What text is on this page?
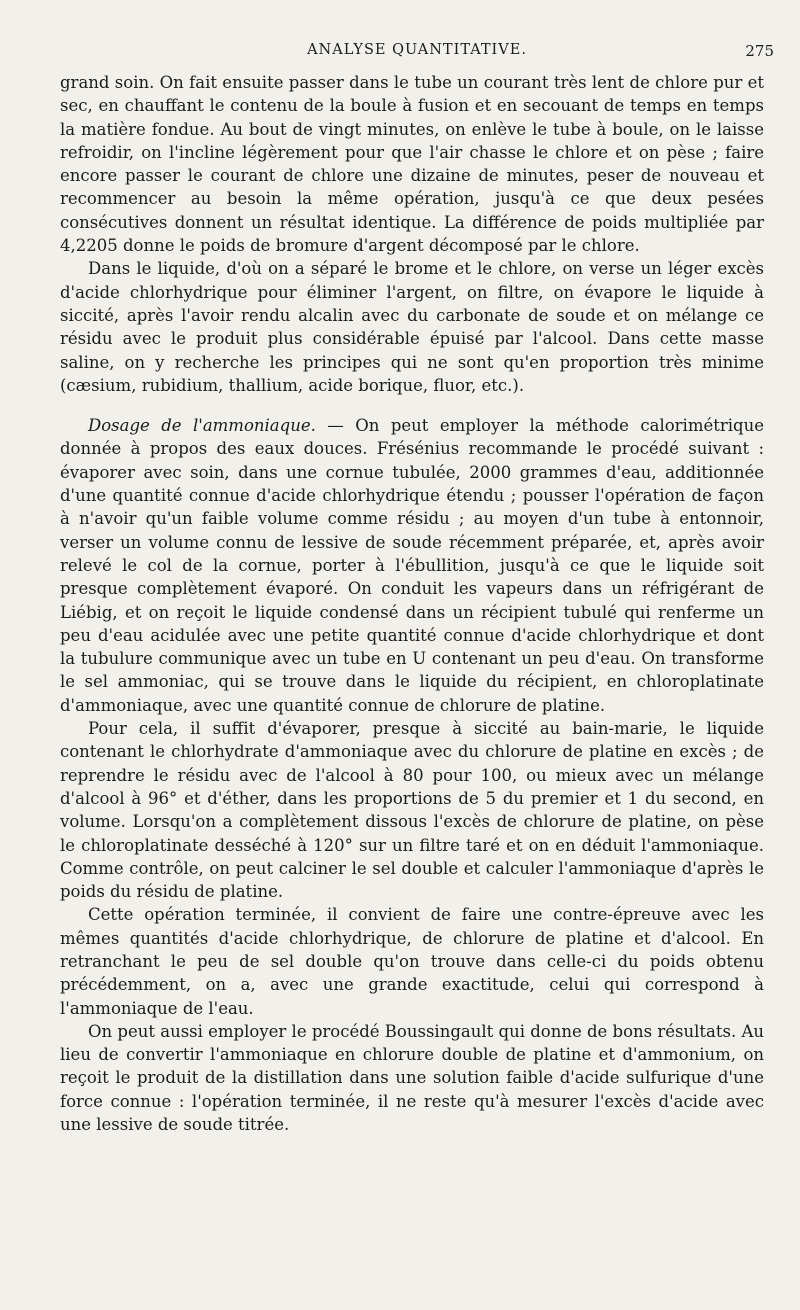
ANALYSE QUANTITATIVE.	275

grand soin. On fait ensuite passer dans le tube un courant très lent de chlore pur et sec, en chauffant le contenu de la boule à fusion et en secouant de temps en temps la matière fondue. Au bout de vingt minutes, on enlève le tube à boule, on le laisse refroidir, on l'incline légèrement pour que l'air chasse le chlore et on pèse ; faire encore passer le courant de chlore une dizaine de minutes, peser de nouveau et recommencer au besoin la même opération, jusqu'à ce que deux pesées consécutives donnent un résultat identique. La différence de poids multipliée par 4,2205 donne le poids de bromure d'argent décomposé par le chlore.

Dans le liquide, d'où on a séparé le brome et le chlore, on verse un léger excès d'acide chlorhydrique pour éliminer l'argent, on filtre, on évapore le liquide à siccité, après l'avoir rendu alcalin avec du carbonate de soude et on mélange ce résidu avec le produit plus considérable épuisé par l'alcool. Dans cette masse saline, on y recherche les principes qui ne sont qu'en proportion très minime (cæsium, rubidium, thallium, acide borique, fluor, etc.).

Dosage de l'ammoniaque. — On peut employer la méthode calorimétrique donnée à propos des eaux douces. Frésénius recommande le procédé suivant : évaporer avec soin, dans une cornue tubulée, 2000 grammes d'eau, additionnée d'une quantité connue d'acide chlorhydrique étendu ; pousser l'opération de façon à n'avoir qu'un faible volume comme résidu ; au moyen d'un tube à entonnoir, verser un volume connu de lessive de soude récemment préparée, et, après avoir relevé le col de la cornue, porter à l'ébullition, jusqu'à ce que le liquide soit presque complètement évaporé. On conduit les vapeurs dans un réfrigérant de Liébig, et on reçoit le liquide condensé dans un récipient tubulé qui renferme un peu d'eau acidulée avec une petite quantité connue d'acide chlorhydrique et dont la tubulure communique avec un tube en U contenant un peu d'eau. On transforme le sel ammoniac, qui se trouve dans le liquide du récipient, en chloroplatinate d'ammoniaque, avec une quantité connue de chlorure de platine.

Pour cela, il suffit d'évaporer, presque à siccité au bain-marie, le liquide contenant le chlorhydrate d'ammoniaque avec du chlorure de platine en excès ; de reprendre le résidu avec de l'alcool à 80 pour 100, ou mieux avec un mélange d'alcool à 96° et d'éther, dans les proportions de 5 du premier et 1 du second, en volume. Lorsqu'on a complètement dissous l'excès de chlorure de platine, on pèse le chloroplatinate desséché à 120° sur un filtre taré et on en déduit l'ammoniaque. Comme contrôle, on peut calciner le sel double et calculer l'ammoniaque d'après le poids du résidu de platine.

Cette opération terminée, il convient de faire une contre-épreuve avec les mêmes quantités d'acide chlorhydrique, de chlorure de platine et d'alcool. En retranchant le peu de sel double qu'on trouve dans celle-ci du poids obtenu précédemment, on a, avec une grande exactitude, celui qui correspond à l'ammoniaque de l'eau.

On peut aussi employer le procédé Boussingault qui donne de bons résultats. Au lieu de convertir l'ammoniaque en chlorure double de platine et d'ammonium, on reçoit le produit de la distillation dans une solution faible d'acide sulfurique d'une force connue : l'opération terminée, il ne reste qu'à mesurer l'excès d'acide avec une lessive de soude titrée.
